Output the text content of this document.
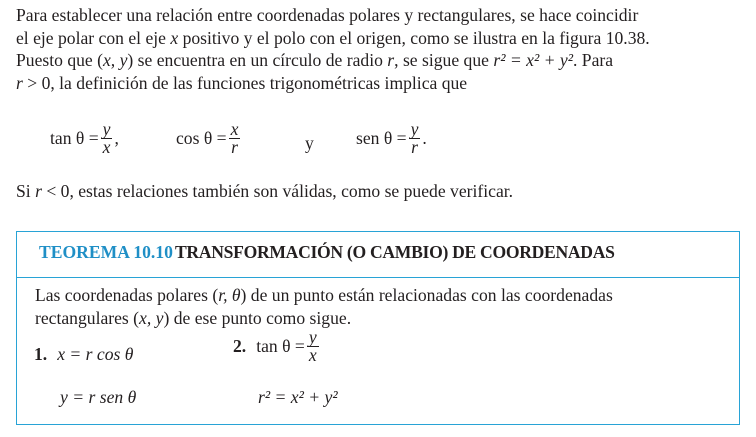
Para establecer una relación entre coordenadas polares y rectangulares, se hace coincidir
el eje polar con el eje x positivo y el polo con el origen, como se ilustra en la figura 10.38.
Puesto que (x, y) se encuentra en un círculo de radio r, se sigue que r² = x² + y². Para
r > 0, la definición de las funciones trigonométricas implica que
$\tan \theta = \frac{y}{x}$ ,	$\cos \theta = \frac{x}{r}$	y sen $\theta = \frac{y}{r}$ .
Si r < 0, estas relaciones también son válidas, como se puede verificar.
TEOREMA 10.10 TRANSFORMACIÓN (O CAMBIO) DE COORDENADAS
Las coordenadas polares (r, θ) de un punto están relacionadas con las coordenadas
rectangulares (x, y) de ese punto como sigue.
1. x = r cos θ
y = r sen θ
2. $\tan \theta = \frac{y}{x}$
r² = x² + y²
